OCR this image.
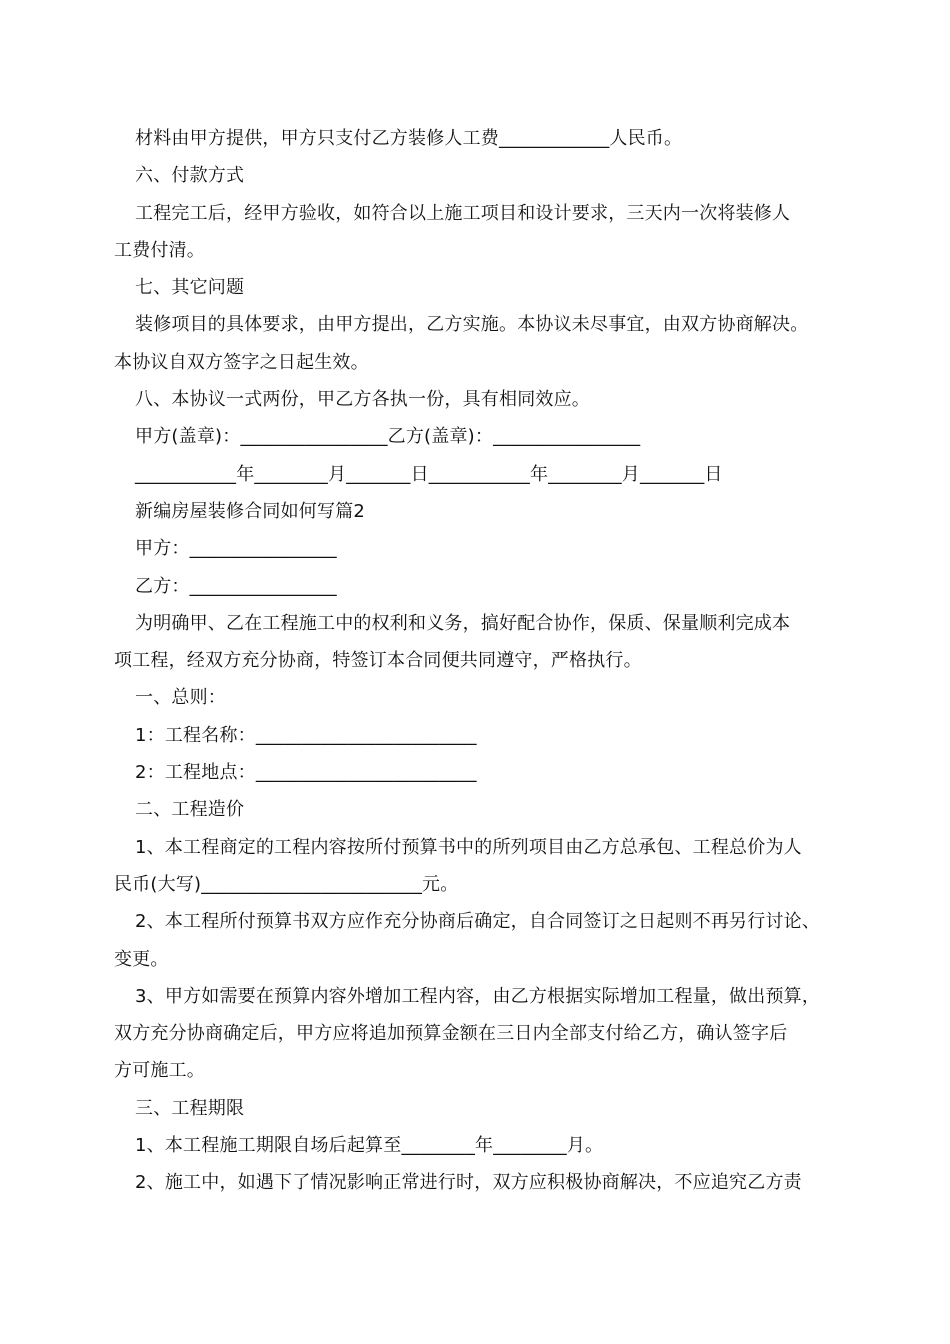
材料由甲方提供，甲方只支付乙方装修人工费____________人民币。
六、付款方式
工程完工后，经甲方验收，如符合以上施工项目和设计要求，三天内一次将装修人
工费付清。
七、其它问题
装修项目的具体要求，由甲方提出，乙方实施。本协议未尽事宜，由双方协商解决。
本协议自双方签字之日起生效。
八、本协议一式两份，甲乙方各执一份，具有相同效应。
甲方(盖章)：________________乙方(盖章)：________________
___________年________月_______日___________年________月_______日
新编房屋装修合同如何写篇2
甲方：________________
乙方：________________
为明确甲、乙在工程施工中的权利和义务，搞好配合协作，保质、保量顺利完成本
项工程，经双方充分协商，特签订本合同便共同遵守，严格执行。
一、总则：
1：工程名称：________________________
2：工程地点：________________________
二、工程造价
1、本工程商定的工程内容按所付预算书中的所列项目由乙方总承包、工程总价为人
民币(大写)________________________元。
2、本工程所付预算书双方应作充分协商后确定，自合同签订之日起则不再另行讨论、
变更。
3、甲方如需要在预算内容外增加工程内容，由乙方根据实际增加工程量，做出预算，
双方充分协商确定后，甲方应将追加预算金额在三日内全部支付给乙方，确认签字后
方可施工。
三、工程期限
1、本工程施工期限自场后起算至________年________月。
2、施工中，如遇下了情况影响正常进行时，双方应积极协商解决，不应追究乙方责
